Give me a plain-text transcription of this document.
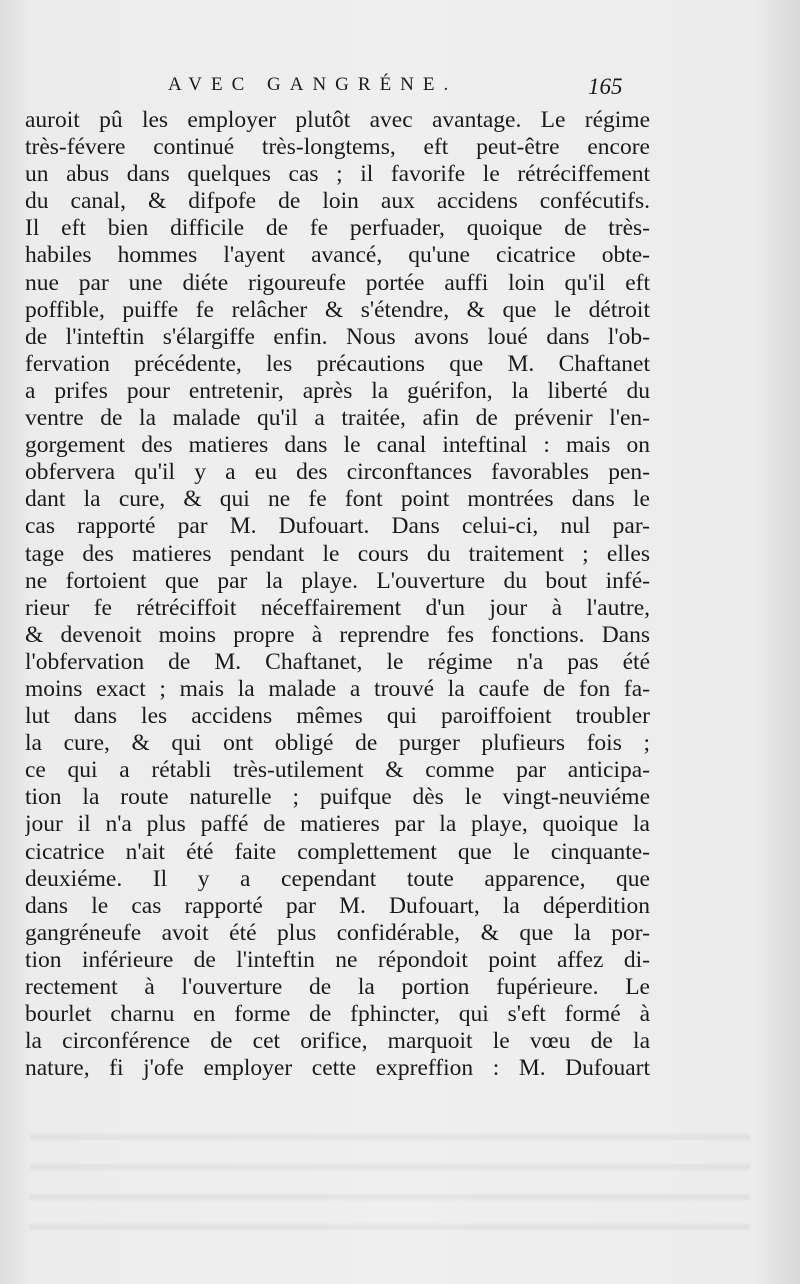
AVEC GANGRÉNE.	165
auroit pû les employer plutôt avec avantage. Le régime
très-févere continué très-longtems, eft peut-être encore
un abus dans quelques cas ; il favorife le rétréciffement
du canal, & difpofe de loin aux accidens confécutifs.
Il eft bien difficile de fe perfuader, quoique de très-
habiles hommes l'ayent avancé, qu'une cicatrice obte-
nue par une diéte rigoureufe portée auffi loin qu'il eft
poffible, puiffe fe relâcher & s'étendre, & que le détroit
de l'inteftin s'élargiffe enfin. Nous avons loué dans l'ob-
fervation précédente, les précautions que M. Chaftanet
a prifes pour entretenir, après la guérifon, la liberté du
ventre de la malade qu'il a traitée, afin de prévenir l'en-
gorgement des matieres dans le canal inteftinal : mais on
obfervera qu'il y a eu des circonftances favorables pen-
dant la cure, & qui ne fe font point montrées dans le
cas rapporté par M. Dufouart. Dans celui-ci, nul par-
tage des matieres pendant le cours du traitement ; elles
ne fortoient que par la playe. L'ouverture du bout infé-
rieur fe rétréciffoit néceffairement d'un jour à l'autre,
& devenoit moins propre à reprendre fes fonctions. Dans
l'obfervation de M. Chaftanet, le régime n'a pas été
moins exact ; mais la malade a trouvé la caufe de fon fa-
lut dans les accidens mêmes qui paroiffoient troubler
la cure, & qui ont obligé de purger plufieurs fois ;
ce qui a rétabli très-utilement & comme par anticipa-
tion la route naturelle ; puifque dès le vingt-neuviéme
jour il n'a plus paffé de matieres par la playe, quoique la
cicatrice n'ait été faite complettement que le cinquante-
deuxiéme. Il y a cependant toute apparence, que
dans le cas rapporté par M. Dufouart, la déperdition
gangréneufe avoit été plus confidérable, & que la por-
tion inférieure de l'inteftin ne répondoit point affez di-
rectement à l'ouverture de la portion fupérieure. Le
bourlet charnu en forme de fphincter, qui s'eft formé à
la circonférence de cet orifice, marquoit le vœu de la
nature, fi j'ofe employer cette expreffion : M. Dufouart
